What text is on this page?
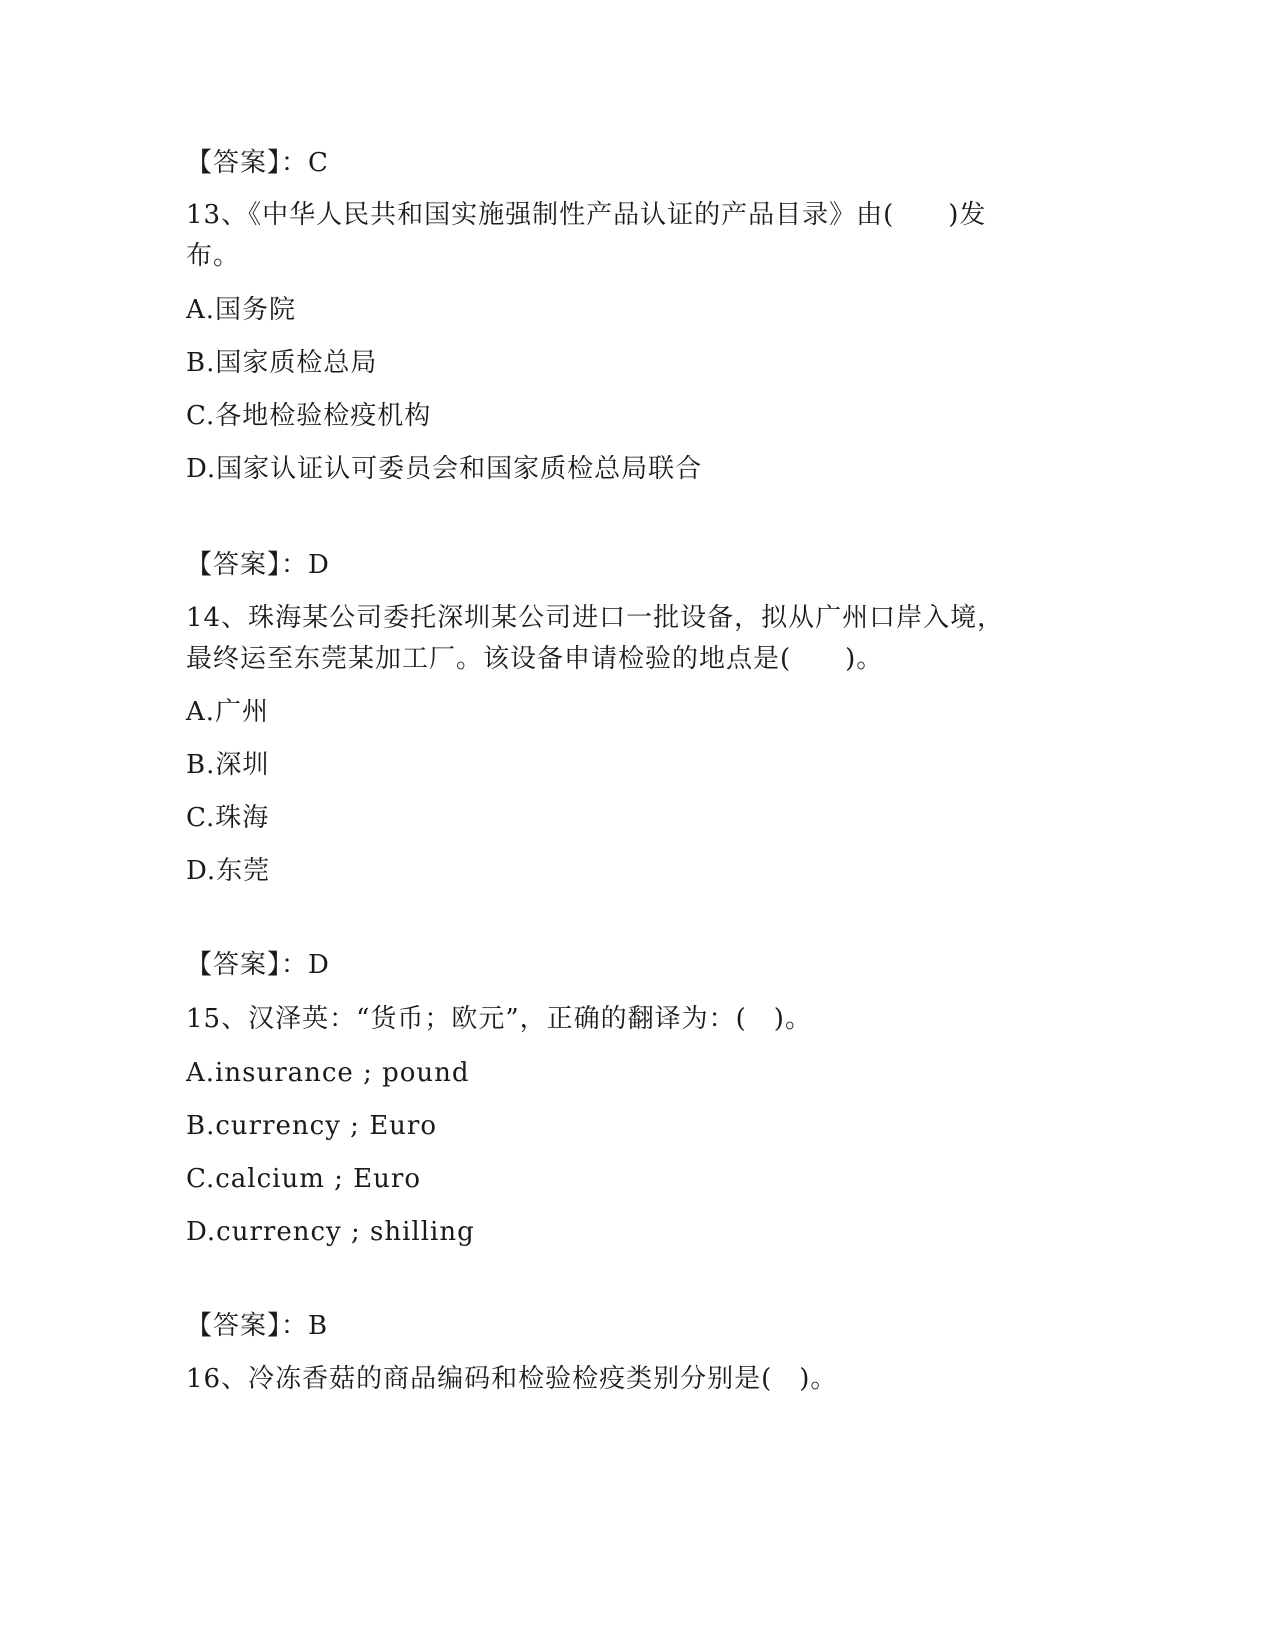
【答案】：C
13、《中华人民共和国实施强制性产品认证的产品目录》由(　　)发
布。
A.国务院
B.国家质检总局
C.各地检验检疫机构
D.国家认证认可委员会和国家质检总局联合
【答案】：D
14、珠海某公司委托深圳某公司进口一批设备，拟从广州口岸入境，
最终运至东莞某加工厂。该设备申请检验的地点是(　　)。
A.广州
B.深圳
C.珠海
D.东莞
【答案】：D
15、汉泽英：“货币；欧元”，正确的翻译为：(　)。
A.insurance ; pound
B.currency ; Euro
C.calcium ; Euro
D.currency ; shilling
【答案】：B
16、冷冻香菇的商品编码和检验检疫类别分别是(　)。
